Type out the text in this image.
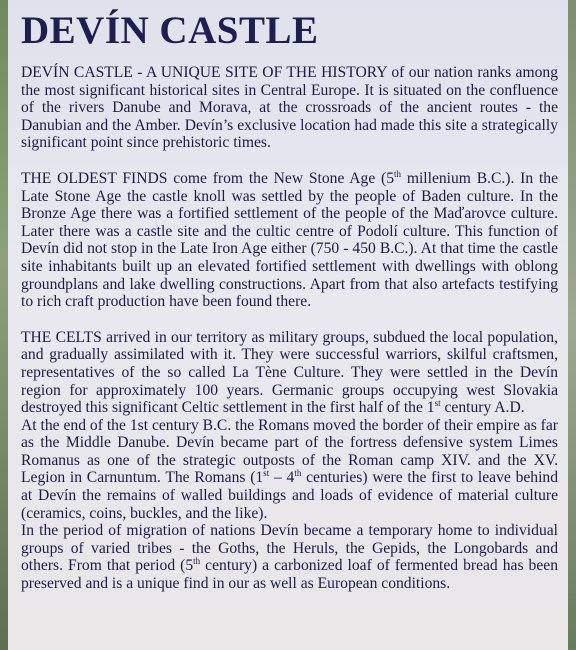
DEVÍN CASTLE

DEVÍN CASTLE - A UNIQUE SITE OF THE HISTORY of our nation ranks among the most significant historical sites in Central Europe. It is situated on the confluence of the rivers Danube and Morava, at the crossroads of the ancient routes - the Danubian and the Amber. Devín’s exclusive location had made this site a strategically significant point since prehistoric times.

THE OLDEST FINDS come from the New Stone Age (5th millenium B.C.). In the Late Stone Age the castle knoll was settled by the people of Baden culture. In the Bronze Age there was a fortified settlement of the people of the Maďarovce culture. Later there was a castle site and the cultic centre of Podolí culture. This function of Devín did not stop in the Late Iron Age either (750 - 450 B.C.). At that time the castle site inhabitants built up an elevated fortified settlement with dwellings with oblong groundplans and lake dwelling constructions. Apart from that also artefacts testifying to rich craft production have been found there.

THE CELTS arrived in our territory as military groups, subdued the local population, and gradually assimilated with it. They were successful warriors, skilful craftsmen, representatives of the so called La Tène Culture. They were settled in the Devín region for approximately 100 years. Germanic groups occupying west Slovakia destroyed this significant Celtic settlement in the first half of the 1st century A.D.

At the end of the 1st century B.C. the Romans moved the border of their empire as far as the Middle Danube. Devín became part of the fortress defensive system Limes Romanus as one of the strategic outposts of the Roman camp XIV. and the XV. Legion in Carnuntum. The Romans (1st – 4th centuries) were the first to leave behind at Devín the remains of walled buildings and loads of evidence of material culture (ceramics, coins, buckles, and the like).

In the period of migration of nations Devín became a temporary home to individual groups of varied tribes - the Goths, the Heruls, the Gepids, the Longobards and others. From that period (5th century) a carbonized loaf of fermented bread has been preserved and is a unique find in our as well as European conditions.
